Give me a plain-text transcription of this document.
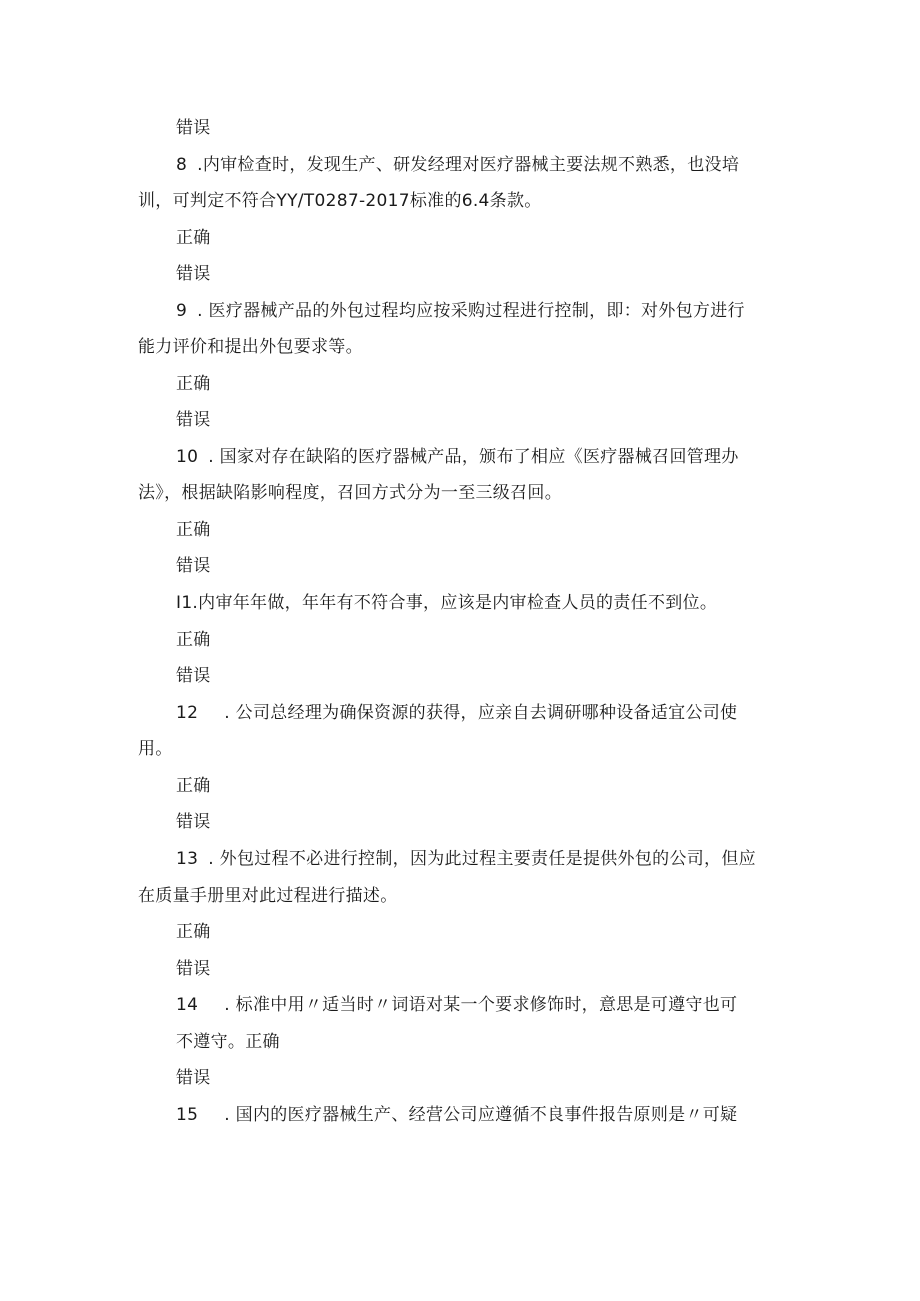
错误
8 .内审检查时，发现生产、研发经理对医疗器械主要法规不熟悉，也没培
训，可判定不符合YY/T0287-2017标准的6.4条款。
正确
错误
9 . 医疗器械产品的外包过程均应按采购过程进行控制，即：对外包方进行
能力评价和提出外包要求等。
正确
错误
10 . 国家对存在缺陷的医疗器械产品，颁布了相应《医疗器械召回管理办
法》，根据缺陷影响程度，召回方式分为一至三级召回。
正确
错误
I1.内审年年做，年年有不符合事，应该是内审检查人员的责任不到位。
正确
错误
12 . 公司总经理为确保资源的获得，应亲自去调研哪种设备适宜公司使
用。
正确
错误
13 . 外包过程不必进行控制，因为此过程主要责任是提供外包的公司，但应
在质量手册里对此过程进行描述。
正确
错误
14 . 标准中用〃适当时〃词语对某一个要求修饰时，意思是可遵守也可
不遵守。正确
错误
15 . 国内的医疗器械生产、经营公司应遵循不良事件报告原则是〃可疑
